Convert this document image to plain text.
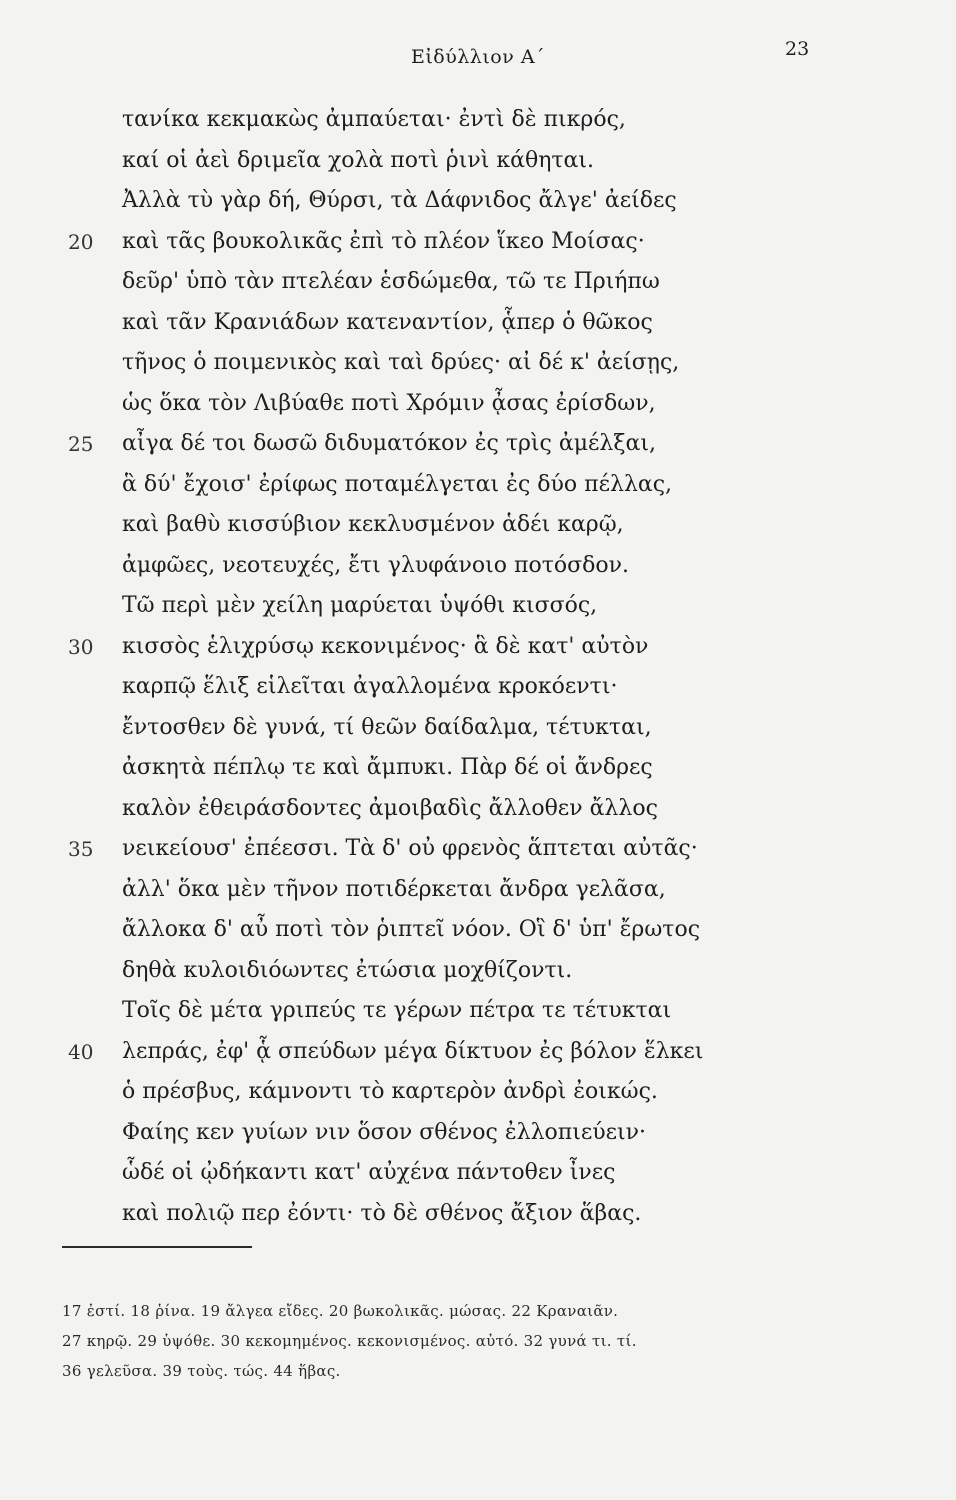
Εἰδύλλιον Α΄	23
τανίκα κεκμακὼς ἀμπαύεται· ἐντὶ δὲ πικρός,
καί οἱ ἀεὶ δριμεῖα χολὰ ποτὶ ῥινὶ κάθηται.
Ἀλλὰ τὺ γὰρ δή, Θύρσι, τὰ Δάφνιδος ἄλγε' ἀείδες
20	καὶ τᾶς βουκολικᾶς ἐπὶ τὸ πλέον ἵκεο Μοίσας·
δεῦρ' ὑπὸ τὰν πτελέαν ἑσδώμεθα, τῶ τε Πριήπω
καὶ τᾶν Κρανιάδων κατεναντίον, ᾇπερ ὁ θῶκος
τῆνος ὁ ποιμενικὸς καὶ ταὶ δρύες· αἰ δέ κ' ἀείσῃς,
ὡς ὅκα τὸν Λιβύαθε ποτὶ Χρόμιν ᾆσας ἐρίσδων,
25	αἶγα δέ τοι δωσῶ διδυματόκον ἐς τρὶς ἀμέλξαι,
ἃ δύ' ἔχοισ' ἐρίφως ποταμέλγεται ἐς δύο πέλλας,
καὶ βαθὺ κισσύβιον κεκλυσμένον ἁδέι καρῷ,
ἀμφῶες, νεοτευχές, ἔτι γλυφάνοιο ποτόσδον.
Τῶ περὶ μὲν χείλη μαρύεται ὑψόθι κισσός,
30	κισσὸς ἑλιχρύσῳ κεκονιμένος· ἃ δὲ κατ' αὐτὸν
καρπῷ ἕλιξ εἱλεῖται ἀγαλλομένα κροκόεντι·
ἔντοσθεν δὲ γυνά, τί θεῶν δαίδαλμα, τέτυκται,
ἀσκητὰ πέπλῳ τε καὶ ἄμπυκι. Πὰρ δέ οἱ ἄνδρες
καλὸν ἐθειράσδοντες ἀμοιβαδὶς ἄλλοθεν ἄλλος
35	νεικείουσ' ἐπέεσσι. Τὰ δ' οὐ φρενὸς ἅπτεται αὐτᾶς·
ἀλλ' ὅκα μὲν τῆνον ποτιδέρκεται ἄνδρα γελᾶσα,
ἄλλοκα δ' αὖ ποτὶ τὸν ῥιπτεῖ νόον. Οἳ δ' ὑπ' ἔρωτος
δηθὰ κυλοιδιόωντες ἐτώσια μοχθίζοντι.
Τοῖς δὲ μέτα γριπεύς τε γέρων πέτρα τε τέτυκται
40	λεπράς, ἐφ' ᾇ σπεύδων μέγα δίκτυον ἐς βόλον ἕλκει
ὁ πρέσβυς, κάμνοντι τὸ καρτερὸν ἀνδρὶ ἐοικώς.
Φαίης κεν γυίων νιν ὅσον σθένος ἐλλοπιεύειν·
ὧδέ οἱ ᾠδήκαντι κατ' αὐχένα πάντοθεν ἶνες
καὶ πολιῷ περ ἐόντι· τὸ δὲ σθένος ἄξιον ἅβας.
17 ἐστί. 18 ῥίνα. 19 ἄλγεα εἴδες. 20 βωκολικᾶς. μώσας. 22 Κραναιᾶν.
27 κηρῷ. 29 ὑψόθε. 30 κεκομημένος. κεκονισμένος. αὐτό. 32 γυνά τι. τί.
36 γελεῦσα. 39 τοὺς. τώς. 44 ἥβας.
